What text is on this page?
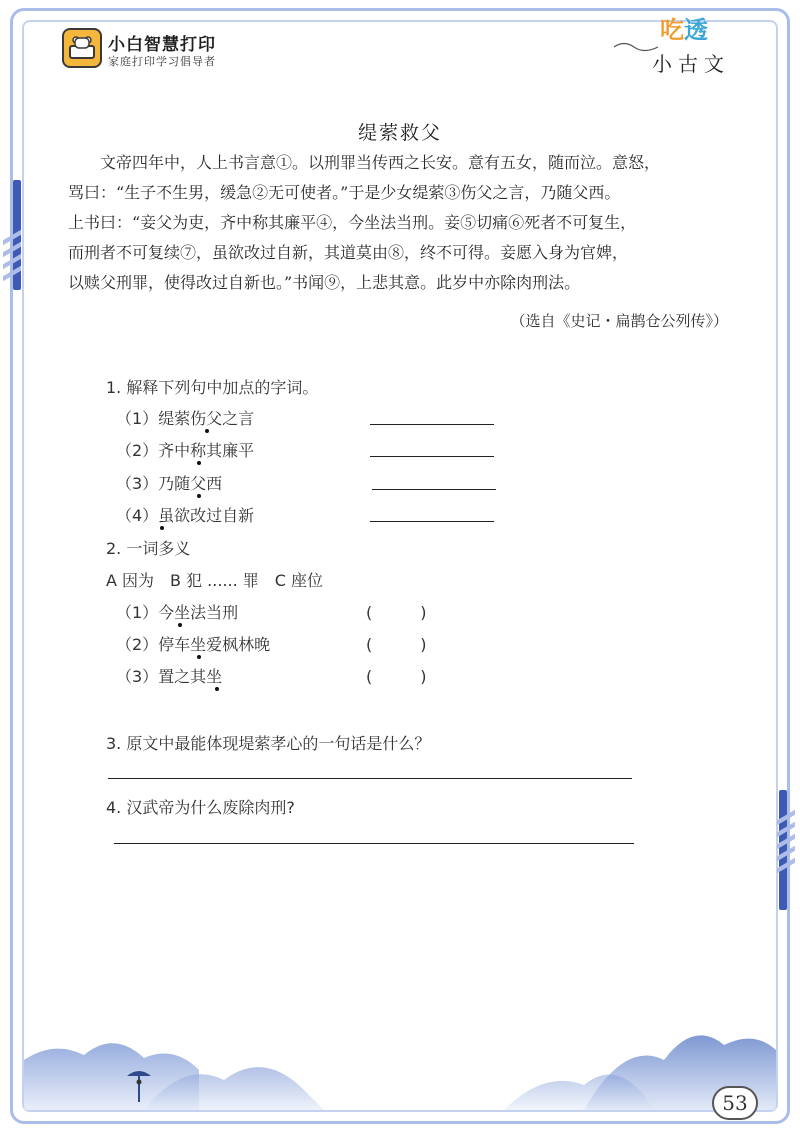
小白智慧打印
家庭打印学习倡导者
吃透
小古文
缇萦救父

　　文帝四年中，人上书言意①。以刑罪当传西之长安。意有五女，随而泣。意怒，

骂曰：“生子不生男，缓急②无可使者。”于是少女缇萦③伤父之言，乃随父西。

上书曰：“妾父为吏，齐中称其廉平④，今坐法当刑。妾⑤切痛⑥死者不可复生，

而刑者不可复续⑦，虽欲改过自新，其道莫由⑧，终不可得。妾愿入身为官婢，

以赎父刑罪，使得改过自新也。”书闻⑨，上悲其意。此岁中亦除肉刑法。

（选自《史记・扁鹊仓公列传》）
1. 解释下列句中加点的字词。
（1）缇萦伤父之言
（2）齐中称其廉平
（3）乃随父西
（4）虽欲改过自新
2. 一词多义
A 因为　B 犯 ...... 罪　C 座位
（1）今坐法当刑
（2）停车坐爱枫林晚
（3）置之其坐
(　　　)
(　　　)
(　　　)
3. 原文中最能体现堤萦孝心的一句话是什么？
4. 汉武帝为什么废除肉刑?
53
